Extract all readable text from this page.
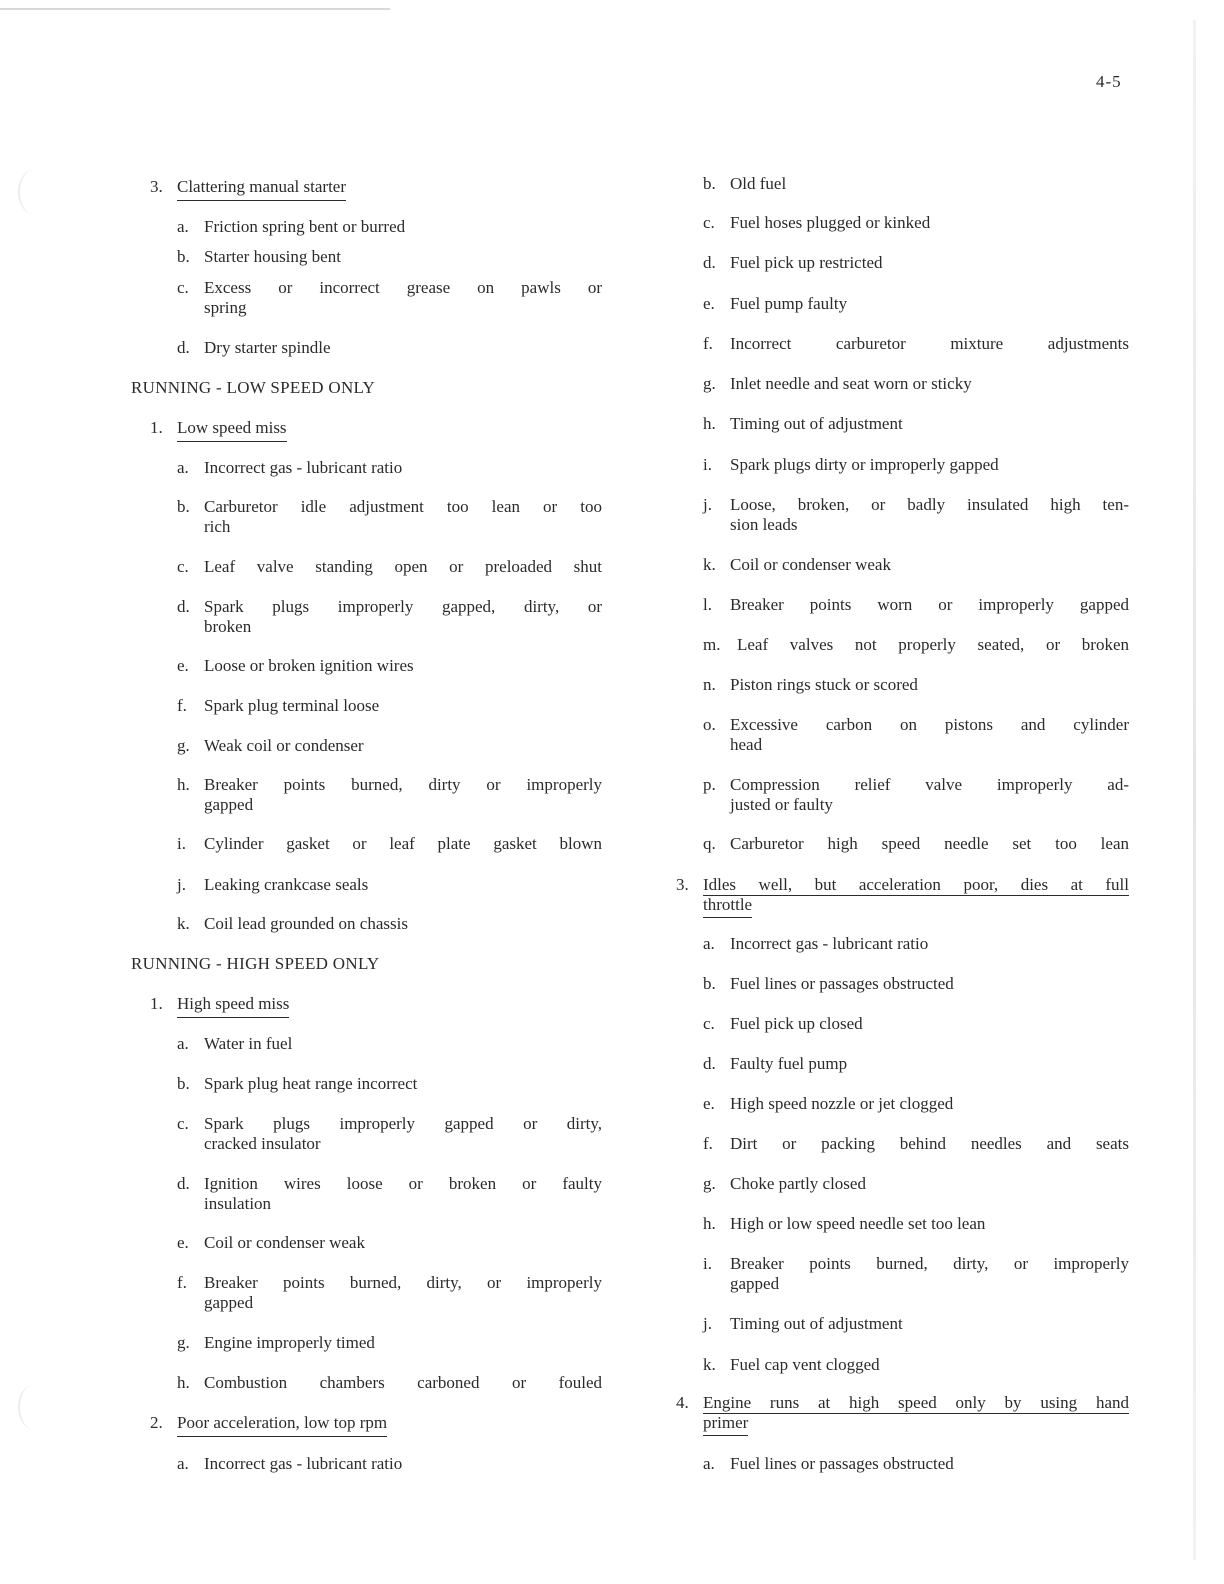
4-5
3. Clattering manual starter
a. Friction spring bent or burred
b. Starter housing bent
c. Excess or incorrect grease on pawls or
spring
d. Dry starter spindle
RUNNING - LOW SPEED ONLY
1. Low speed miss
a. Incorrect gas - lubricant ratio
b. Carburetor idle adjustment too lean or too
rich
c. Leaf valve standing open or preloaded shut
d. Spark plugs improperly gapped, dirty, or
broken
e. Loose or broken ignition wires
f. Spark plug terminal loose
g. Weak coil or condenser
h. Breaker points burned, dirty or improperly
gapped
i.	Cylinder gasket or leaf plate gasket blown
j. Leaking crankcase seals
k. Coil lead grounded on chassis
RUNNING - HIGH SPEED ONLY
1. High speed miss
a. Water in fuel
b. Spark plug heat range incorrect
c. Spark plugs improperly gapped or dirty,
cracked insulator
d. Ignition wires loose or broken or faulty
insulation
e. Coil or condenser weak
f.	Breaker points burned, dirty, or improperly
gapped
g. Engine improperly timed
h. Combustion chambers carboned or fouled
2. Poor acceleration, low top rpm
a. Incorrect gas - lubricant ratio
b. Old fuel
c. Fuel hoses plugged or kinked
d. Fuel pick up restricted
e. Fuel pump faulty
f.	Incorrect carburetor mixture adjustments
g. Inlet needle and seat worn or sticky
h. Timing out of adjustment
i. Spark plugs dirty or improperly gapped
j.	Loose, broken, or badly insulated high ten-
sion leads
k. Coil or condenser weak
l.	Breaker points worn or improperly gapped
m. Leaf valves not properly seated, or broken
n. Piston rings stuck or scored
o. Excessive carbon on pistons and cylinder
head
p. Compression relief valve improperly ad-
justed or faulty
q. Carburetor high speed needle set too lean
3. Idles well, but acceleration poor, dies at full
throttle
a. Incorrect gas - lubricant ratio
b. Fuel lines or passages obstructed
c. Fuel pick up closed
d. Faulty fuel pump
e. High speed nozzle or jet clogged
f.	Dirt or packing behind needles and seats
g. Choke partly closed
h. High or low speed needle set too lean
i.	Breaker points burned, dirty, or improperly
gapped
j. Timing out of adjustment
k. Fuel cap vent clogged
4. Engine runs at high speed only by using hand
primer
a. Fuel lines or passages obstructed
